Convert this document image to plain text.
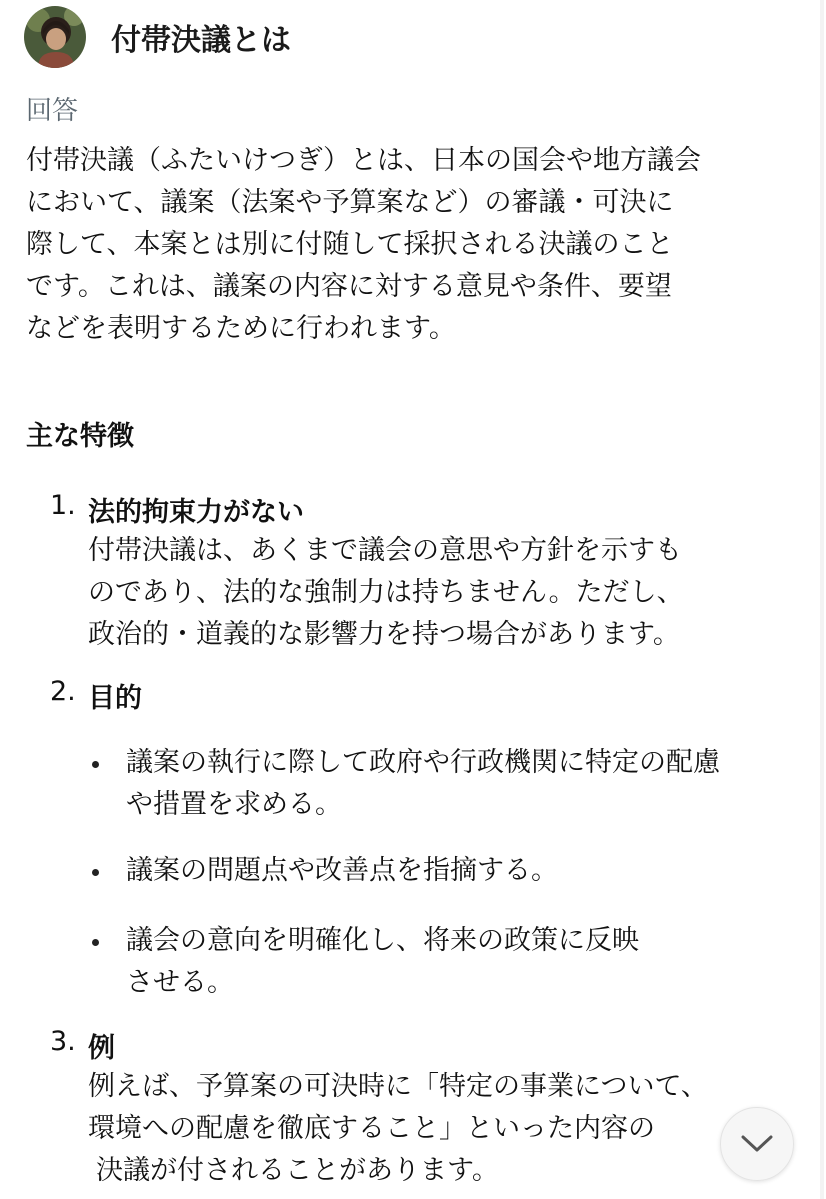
付帯決議とは
回答
付帯決議（ふたいけつぎ）とは、日本の国会や地方議会
において、議案（法案や予算案など）の審議・可決に
際して、本案とは別に付随して採択される決議のこと
です。これは、議案の内容に対する意見や条件、要望
などを表明するために行われます。
主な特徴
1. 法的拘束力がない
付帯決議は、あくまで議会の意思や方針を示すも
のであり、法的な強制力は持ちません。ただし、
政治的・道義的な影響力を持つ場合があります。
2. 目的
議案の執行に際して政府や行政機関に特定の配慮
や措置を求める。
議案の問題点や改善点を指摘する。
議会の意向を明確化し、将来の政策に反映
させる。
3. 例
例えば、予算案の可決時に「特定の事業について、
環境への配慮を徹底すること」といった内容の
決議が付されることがあります。
